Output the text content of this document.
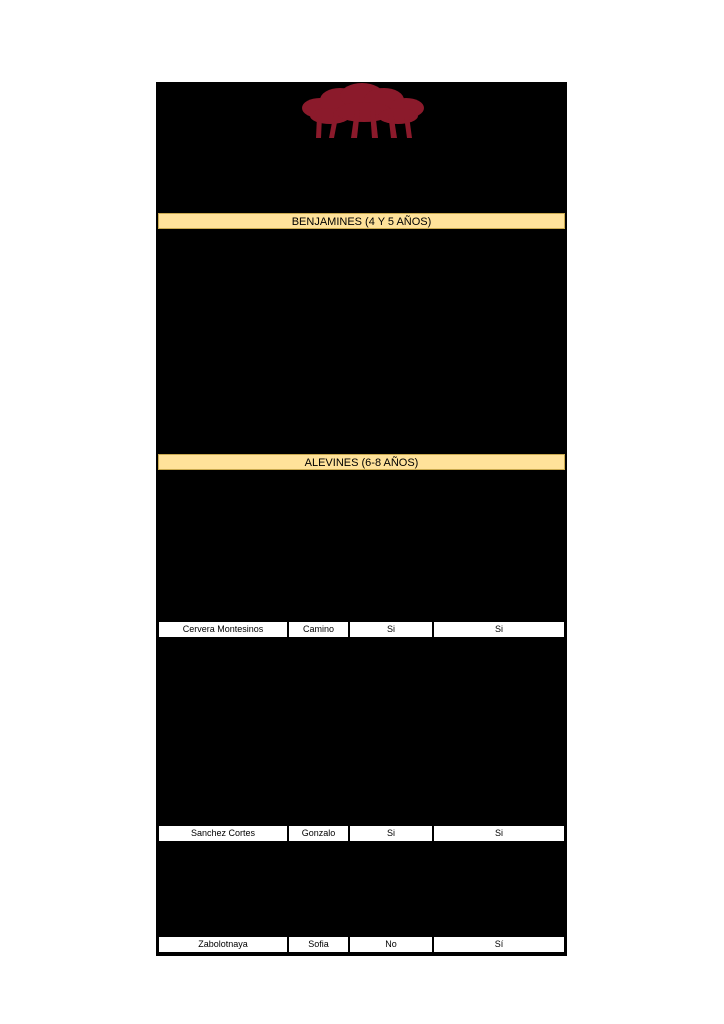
BENJAMINES (4 Y 5 AÑOS)
ALEVINES (6-8 AÑOS)
Cervera Montesinos	Camino	Si	Si
Sanchez Cortes	Gonzalo	Si	Si
Zabolotnaya	Sofia	No	Sí
